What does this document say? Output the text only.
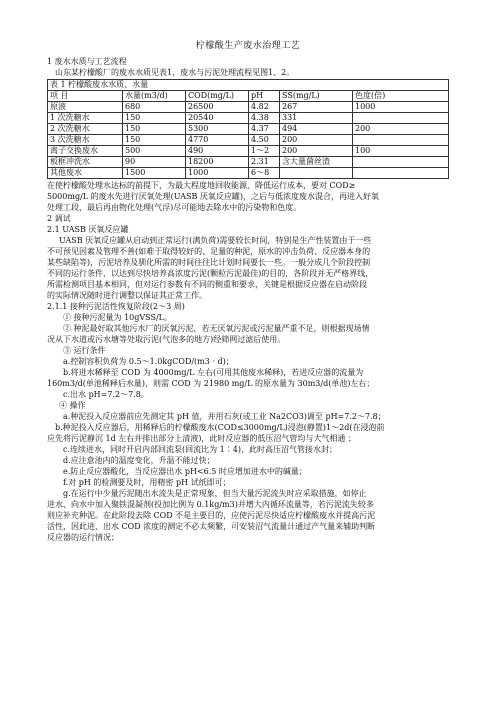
柠檬酸生产废水治理工艺

1 废水水质与工艺流程

山东某柠檬酸厂的废水水质见表1，废水与污泥处理流程见图1、2。

表 1 柠檬酸废水水质、水量					
项 目	水量(m3/d)	COD(mg/L)	pH	SS(mg/L)	色度(倍)
原液	680	26500	4.82	267	1000
1 次洗糖水	150	20540	4.38	331	
2 次洗糖水	150	5300	4.37	494	200
3 次洗糖水	150	4770	4.50	200	
离子交换废水	500	490	1～2	200	100
板框冲洗水	90	18200	2.31	含大量菌丝渣	
其他废水	1500	1000	6～8		

在使柠檬酸处理水达标的前提下，为最大程度地回收能源、降低运行成本，要对 COD≥

5000mg/L 的废水先进行厌氧处理(UASB 厌氧反应罐)，之后与低浓度废水混合，再进入好氧

处理工段，最后再由物化处理(气浮)尽可能地去除水中的污染物和色度。

2 调试

2.1 UASB 厌氧反应罐

UASB 厌氧反应罐从启动到正常运行(满负荷)需要较长时间，特别是生产性装置由于一些

不可预见因素及管理不善(如难于取得较好的、足量的种泥，原水的冲击负荷、反应器本身的

某些缺陷等)，污泥培养及驯化所需的时间往往比计划时间要长一些。一般分成几个阶段控制

不同的运行条件，以达到尽快培养高浓度污泥(颗粒污泥最佳)的目的，各阶段并无严格界线，

所需检测项目基本相同，但对运行参数有不同的侧重和要求，关键是根据反应器在启动阶段

的实际情况随时进行调整以保证其正常工作。

2.1.1 接种污泥活性恢复阶段(2～3 周)

① 接种污泥量为 10gVSS/L。

② 种泥最好取其他污水厂的厌氧污泥，若无厌氧污泥或污泥量严重不足，则根据现场情

况从下水道或污水塘等处取污泥(气泡多的地方)经筛网过滤后使用。

③ 运行条件

a.控制容积负荷为 0.5～1.0kgCOD/(m3 · d)；

b.将进水稀释至 COD 为 4000mg/L 左右(可用其他废水稀释)，若进反应器的流量为

160m3/d(单池稀释后水量)，则需 COD 为 21980 mg/L 的原水量为 30m3/d(单池)左右；

c.出水 pH=7.2～7.8。

④ 操作

a.种泥投入反应器前应先测定其 pH 值，并用石灰(或工业 Na2CO3)调至 pH=7.2～7.8；

b.种泥投入反应器后，用稀释后的柠檬酸废水(COD≤3000mg/L)浸泡(静置)1～2d(在浸泡前

应先将污泥静沉 1d 左右并排出部分上清液)，此时反应器的低压沼气管均与大气相通 ；

c.连续进水，同时开启内部回流泵(回流比为 1∶4)，此时高压沼气管接水封；

d.应注意池内的温度变化，升温不能过快；

e.防止反应器酸化，当反应器出水 pH<6.5 时应增加进水中的碱量；

f.对 pH 的检测要及时，用精密 pH 试纸即可；

g.在运行中少量污泥随出水流失是正常现象，但当大量污泥流失时应采取措施，如停止

进水、向水中加入聚铁混凝剂(投加比例为 0.1kg/m3)并增大内循环流量等，若污泥流失较多

则应补充种泥。在此阶段去除 COD 不是主要目的，应使污泥尽快适应柠檬酸废水并提高污泥

活性，因此进、出水 COD 浓度的测定不必太频繁，可安装沼气流量计通过产气量来辅助判断

反应器的运行情况；
